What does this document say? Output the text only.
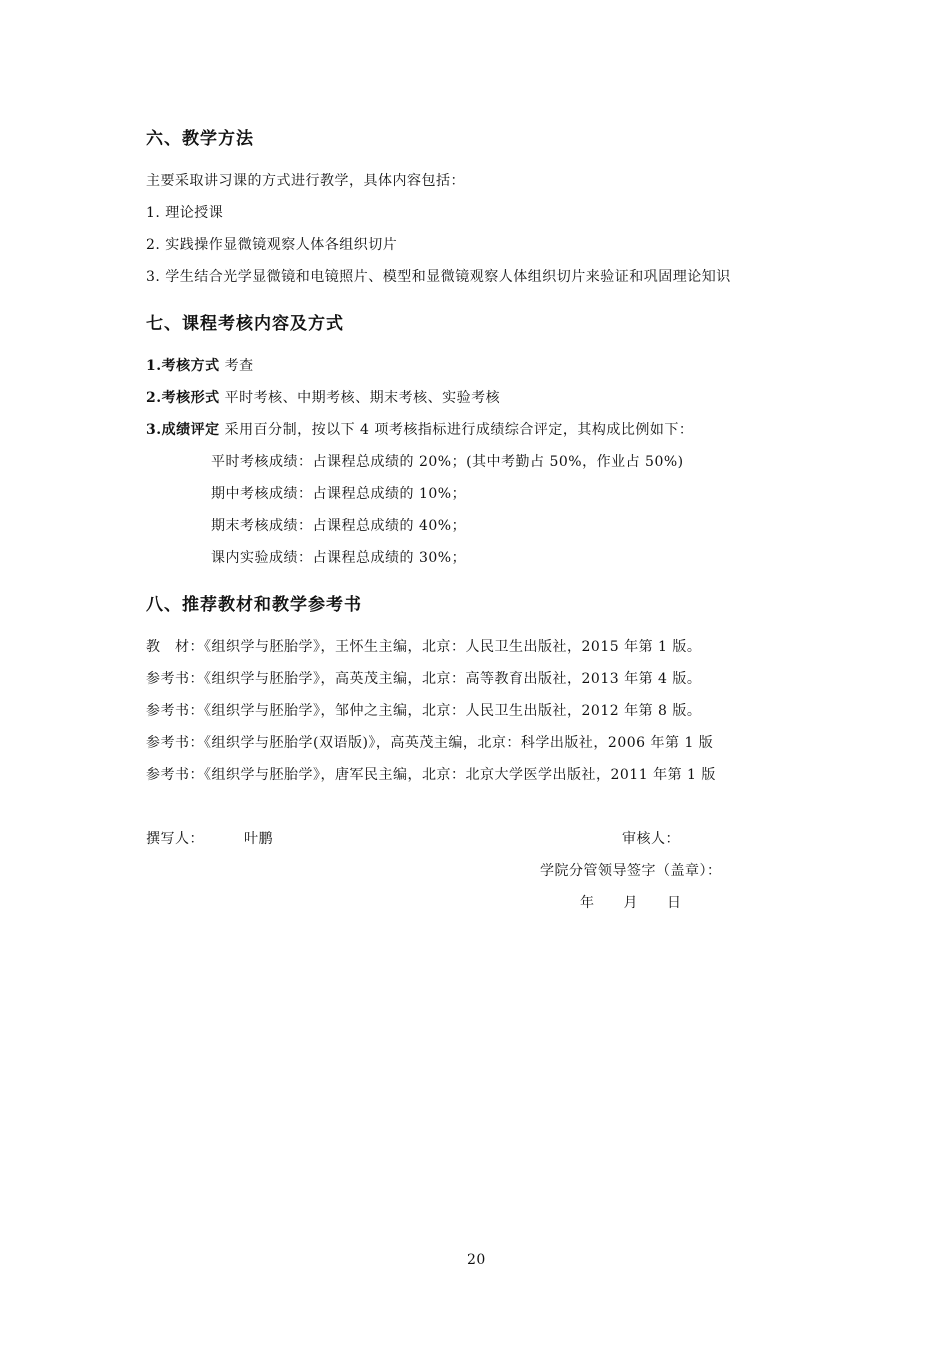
六、教学方法
主要采取讲习课的方式进行教学，具体内容包括：
1. 理论授课
2. 实践操作显微镜观察人体各组织切片
3. 学生结合光学显微镜和电镜照片、模型和显微镜观察人体组织切片来验证和巩固理论知识
七、课程考核内容及方式
1.考核方式 考查
2.考核形式 平时考核、中期考核、期末考核、实验考核
3.成绩评定 采用百分制，按以下 4 项考核指标进行成绩综合评定，其构成比例如下：
平时考核成绩：占课程总成绩的 20%；(其中考勤占 50%，作业占 50%)
期中考核成绩：占课程总成绩的 10%；
期末考核成绩：占课程总成绩的 40%；
课内实验成绩：占课程总成绩的 30%；
八、推荐教材和教学参考书
教　材：《组织学与胚胎学》，王怀生主编，北京：人民卫生出版社，2015 年第 1 版。
参考书：《组织学与胚胎学》，高英茂主编，北京：高等教育出版社，2013 年第 4 版。
参考书：《组织学与胚胎学》，邹仲之主编，北京：人民卫生出版社，2012 年第 8 版。
参考书：《组织学与胚胎学(双语版)》，高英茂主编，北京：科学出版社，2006 年第 1 版
参考书：《组织学与胚胎学》，唐军民主编，北京：北京大学医学出版社，2011 年第 1 版
撰写人：	叶鹏	审核人：
学院分管领导签字（盖章）：
年　　月　　日
20
